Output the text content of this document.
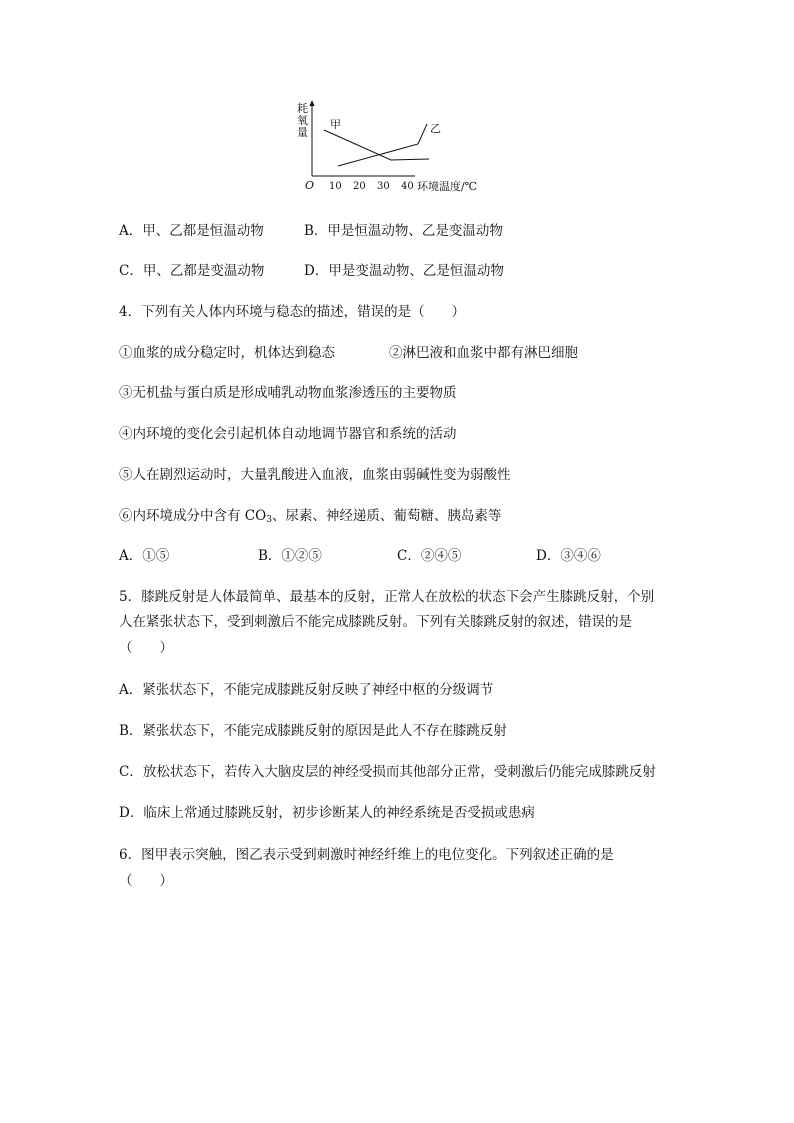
耗氧量
O 10 20 30 40 环境温度/℃
甲	乙
A．甲、乙都是恒温动物	B．甲是恒温动物、乙是变温动物
C．甲、乙都是变温动物	D．甲是变温动物、乙是恒温动物
4．下列有关人体内环境与稳态的描述，错误的是（　　）
①血浆的成分稳定时，机体达到稳态	②淋巴液和血浆中都有淋巴细胞
③无机盐与蛋白质是形成哺乳动物血浆渗透压的主要物质
④内环境的变化会引起机体自动地调节器官和系统的活动
⑤人在剧烈运动时，大量乳酸进入血液，血浆由弱碱性变为弱酸性
⑥内环境成分中含有 $CO_3$、尿素、神经递质、葡萄糖、胰岛素等
A．①⑤	B．①②⑤	C．②④⑤	D．③④⑥
5．膝跳反射是人体最简单、最基本的反射，正常人在放松的状态下会产生膝跳反射，个别
人在紧张状态下，受到刺激后不能完成膝跳反射。下列有关膝跳反射的叙述，错误的是
（　　）
A．紧张状态下，不能完成膝跳反射反映了神经中枢的分级调节
B．紧张状态下，不能完成膝跳反射的原因是此人不存在膝跳反射
C．放松状态下，若传入大脑皮层的神经受损而其他部分正常，受刺激后仍能完成膝跳反射
D．临床上常通过膝跳反射，初步诊断某人的神经系统是否受损或患病
6．图甲表示突触，图乙表示受到刺激时神经纤维上的电位变化。下列叙述正确的是
（　　）
